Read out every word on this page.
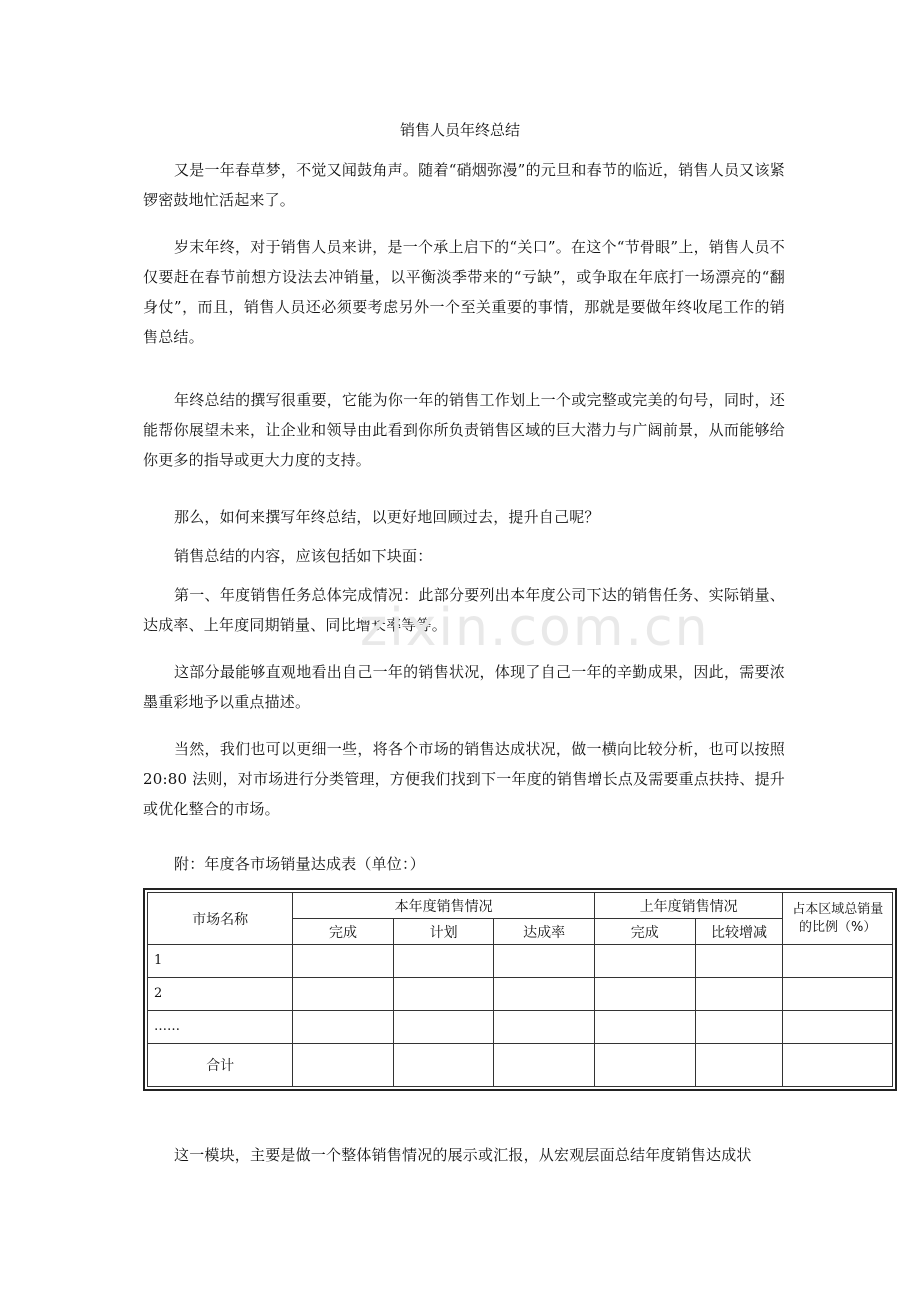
销售人员年终总结

又是一年春草梦，不觉又闻鼓角声。随着“硝烟弥漫”的元旦和春节的临近，销售人员又该紧锣密鼓地忙活起来了。

岁末年终，对于销售人员来讲，是一个承上启下的“关口”。在这个“节骨眼”上，销售人员不仅要赶在春节前想方设法去冲销量，以平衡淡季带来的“亏缺”，或争取在年底打一场漂亮的“翻身仗”，而且，销售人员还必须要考虑另外一个至关重要的事情，那就是要做年终收尾工作的销售总结。

年终总结的撰写很重要，它能为你一年的销售工作划上一个或完整或完美的句号，同时，还能帮你展望未来，让企业和领导由此看到你所负责销售区域的巨大潜力与广阔前景，从而能够给你更多的指导或更大力度的支持。

那么，如何来撰写年终总结，以更好地回顾过去，提升自己呢？

销售总结的内容，应该包括如下块面：

第一、年度销售任务总体完成情况：此部分要列出本年度公司下达的销售任务、实际销量、达成率、上年度同期销量、同比增长率等等。

这部分最能够直观地看出自己一年的销售状况，体现了自己一年的辛勤成果，因此，需要浓墨重彩地予以重点描述。

当然，我们也可以更细一些，将各个市场的销售达成状况，做一横向比较分析，也可以按照 20:80 法则，对市场进行分类管理，方便我们找到下一年度的销售增长点及需要重点扶持、提升或优化整合的市场。

附：年度各市场销量达成表（单位：）

zixin.com.cn
市场名称	本年度销售情况			上年度销售情况		占本区域总销量的比例（%）
	完成	计划	达成率	完成	比较增减	
1						
2						
……						
合计						

这一模块，主要是做一个整体销售情况的展示或汇报，从宏观层面总结年度销售达成状
